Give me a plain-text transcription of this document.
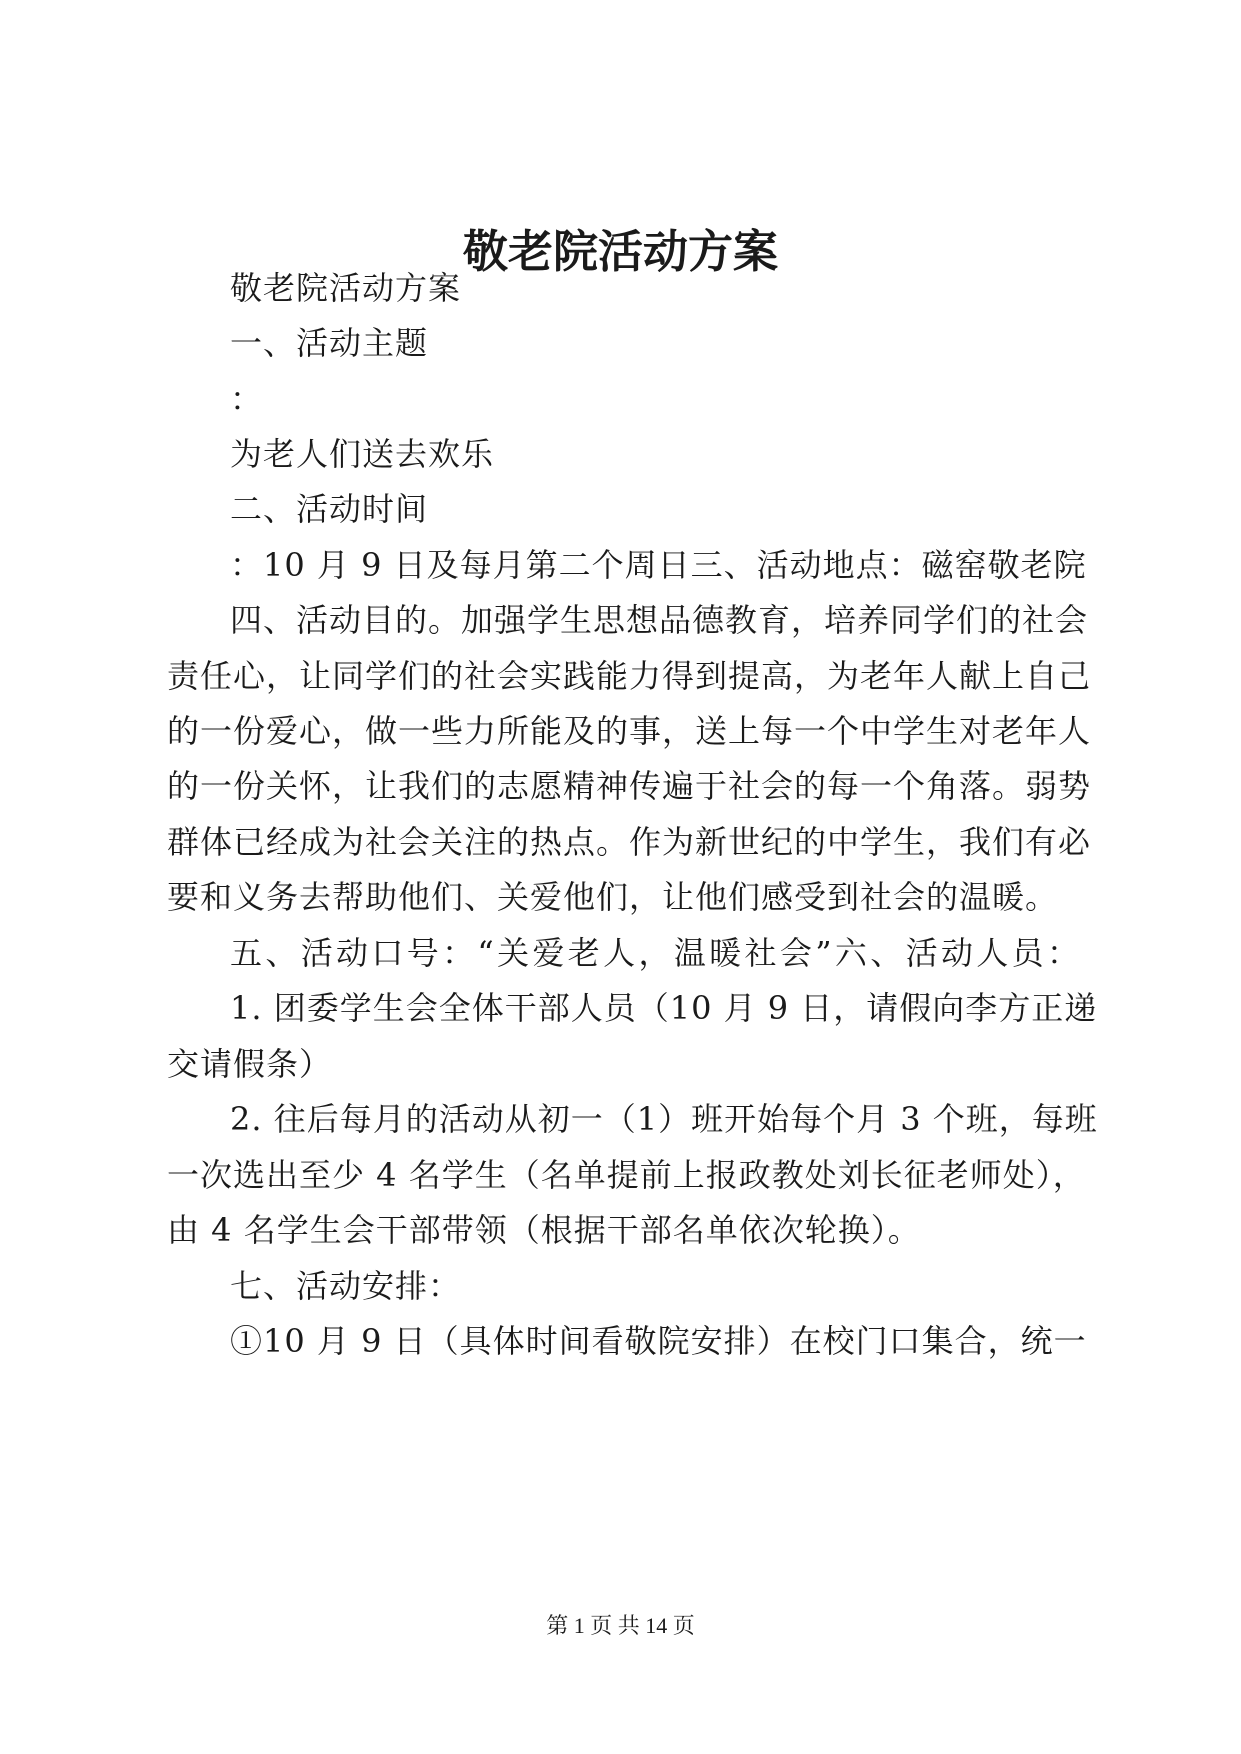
敬老院活动方案
敬老院活动方案
一、活动主题
：
为老人们送去欢乐
二、活动时间
：10 月 9 日及每月第二个周日三、活动地点：磁窑敬老院
四、活动目的。加强学生思想品德教育，培养同学们的社会
责任心，让同学们的社会实践能力得到提高，为老年人献上自己
的一份爱心，做一些力所能及的事，送上每一个中学生对老年人
的一份关怀，让我们的志愿精神传遍于社会的每一个角落。弱势
群体已经成为社会关注的热点。作为新世纪的中学生，我们有必
要和义务去帮助他们、关爱他们，让他们感受到社会的温暖。
五、活动口号：“关爱老人，温暖社会”六、活动人员：
1. 团委学生会全体干部人员（10 月 9 日，请假向李方正递
交请假条）
2. 往后每月的活动从初一（1）班开始每个月 3 个班，每班
一次选出至少 4 名学生（名单提前上报政教处刘长征老师处），
由 4 名学生会干部带领（根据干部名单依次轮换）。
七、活动安排：
①10 月 9 日（具体时间看敬院安排）在校门口集合，统一
第 1 页 共 14 页
